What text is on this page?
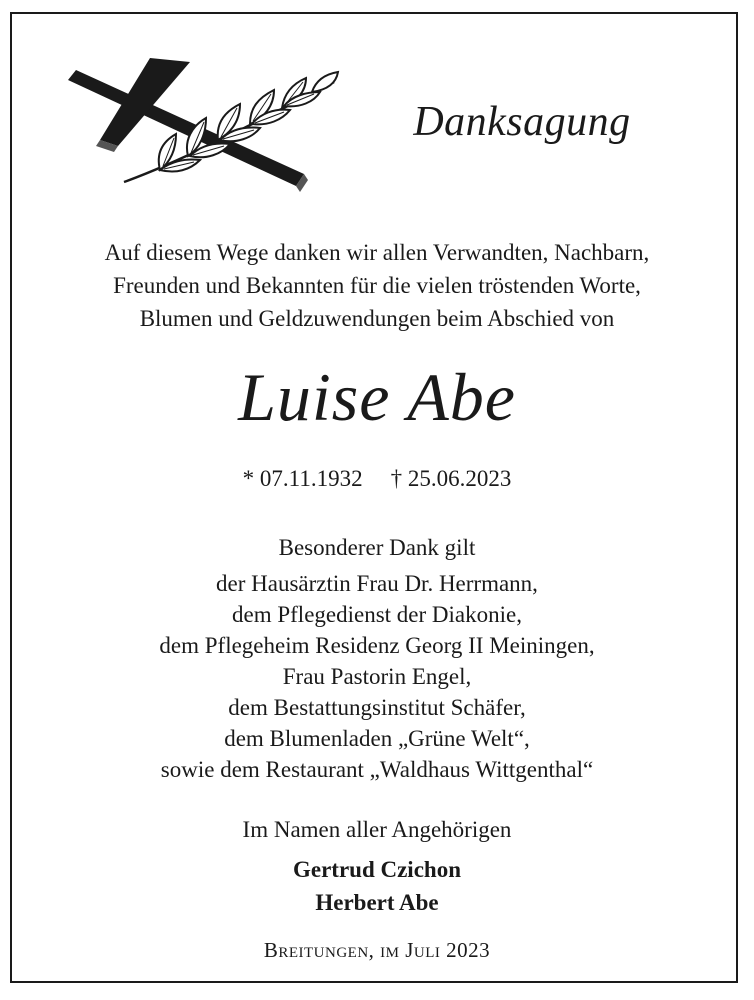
Danksagung
Auf diesem Wege danken wir allen Verwandten, Nachbarn,
Freunden und Bekannten für die vielen tröstenden Worte,
Blumen und Geldzuwendungen beim Abschied von
Luise Abe
* 07.11.1932 † 25.06.2023
Besonderer Dank gilt
der Hausärztin Frau Dr. Herrmann,
dem Pflegedienst der Diakonie,
dem Pflegeheim Residenz Georg II Meiningen,
Frau Pastorin Engel,
dem Bestattungsinstitut Schäfer,
dem Blumenladen „Grüne Welt“,
sowie dem Restaurant „Waldhaus Wittgenthal“
Im Namen aller Angehörigen
Gertrud Czichon
Herbert Abe
Breitungen, im Juli 2023
